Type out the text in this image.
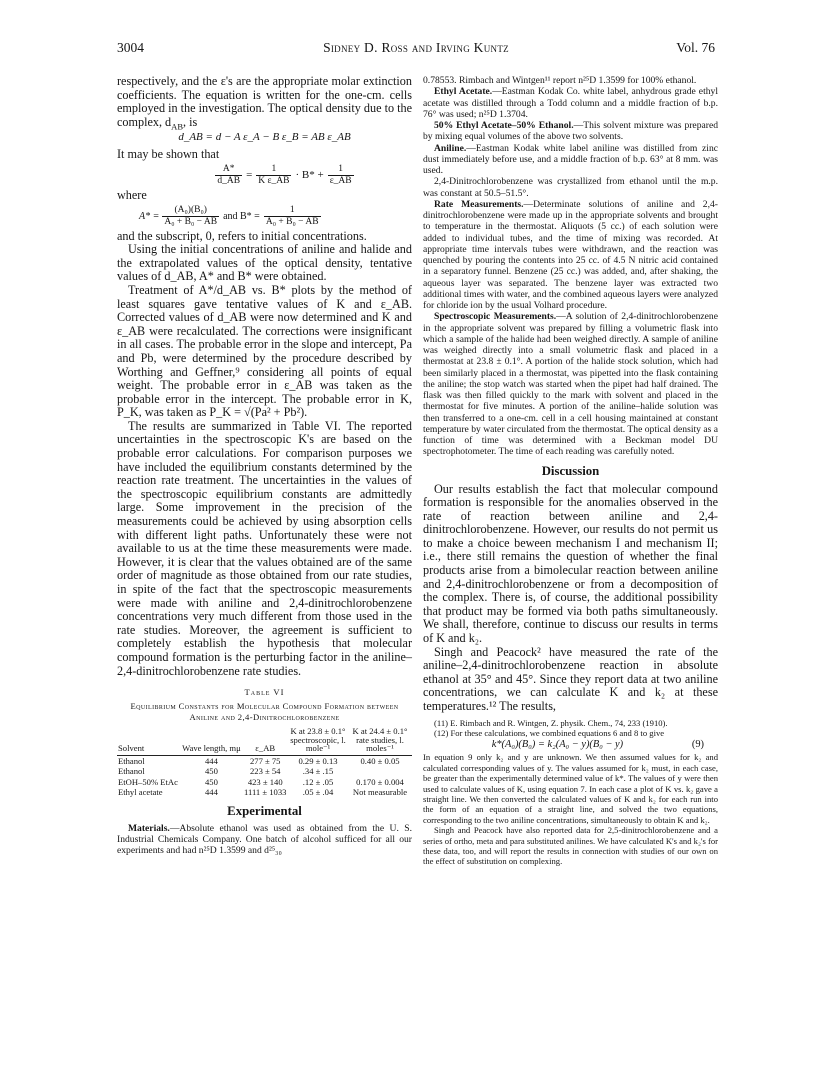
3004	Sidney D. Ross and Irving Kuntz	Vol. 76

respectively, and the ε's are the appropriate molar extinction coefficients. The equation is written for the one-cm. cells employed in the investigation. The optical density due to the complex, $d_{AB}$, is

d_AB = d − A ε_A − B ε_B = AB ε_AB

It may be shown that

$\frac{A*}{d\_AB} = \frac{1}{\text{K ε\_AB}} \cdot B* + \frac{1}{\varepsilon\_AB}$

where

$A* = \frac{\text{(A₀)(B₀)}}{\text{A₀ + B₀ − AB}}$ and $B* = \frac{1}{\text{A₀ + B₀ − AB}}$

and the subscript, 0, refers to initial concentrations.

Using the initial concentrations of aniline and halide and the extrapolated values of the optical density, tentative values of d_AB, A* and B* were obtained.

Treatment of A*/d_AB vs. B* plots by the method of least squares gave tentative values of K and ε_AB. Corrected values of d_AB were now determined and K and ε_AB were recalculated. The corrections were insignificant in all cases. The probable error in the slope and intercept, Pa and Pb, were determined by the procedure described by Worthing and Geffner,⁹ considering all points of equal weight. The probable error in ε_AB was taken as the probable error in the intercept. The probable error in K, P_K, was taken as P_K = √(Pa² + Pb²).

The results are summarized in Table VI. The reported uncertainties in the spectroscopic K's are based on the probable error calculations. For comparison purposes we have included the equilibrium constants determined by the reaction rate treatment. The uncertainties in the values of the spectroscopic equilibrium constants are admittedly large. Some improvement in the precision of the measurements could be achieved by using absorption cells with different light paths. Unfortunately these were not available to us at the time these measurements were made. However, it is clear that the values obtained are of the same order of magnitude as those obtained from our rate studies, in spite of the fact that the spectroscopic measurements were made with aniline and 2,4-dinitrochlorobenzene concentrations very much different from those used in the rate studies. Moreover, the agreement is sufficient to completely establish the hypothesis that molecular compound formation is the perturbing factor in the aniline–2,4-dinitrochlorobenzene rate studies.

Table VI
Equilibrium Constants for Molecular Compound Formation between Aniline and 2,4-Dinitrochlorobenzene
Solvent	Wave length, mμ	ε_AB	K at 23.8 ± 0.1° spectroscopic, l. mole⁻¹	K at 24.4 ± 0.1° rate studies, l. moles⁻¹
Ethanol	444	277 ± 75	0.29 ± 0.13	0.40 ± 0.05
Ethanol	450	223 ± 54	.34 ± .15	
EtOH–50% EtAc	450	423 ± 140	.12 ± .05	0.170 ± 0.004
Ethyl acetate	444	1111 ± 1033	.05 ± .04	Not measurable
Experimental

Materials.—Absolute ethanol was used as obtained from the U. S. Industrial Chemicals Company. One batch of alcohol sufficed for all our experiments and had n²⁵D 1.3599 and d²⁵₃₀

0.78553. Rimbach and Wintgen¹¹ report n²⁵D 1.3599 for 100% ethanol.

Ethyl Acetate.—Eastman Kodak Co. white label, anhydrous grade ethyl acetate was distilled through a Todd column and a middle fraction of b.p. 76° was used; n²⁵D 1.3704.

50% Ethyl Acetate–50% Ethanol.—This solvent mixture was prepared by mixing equal volumes of the above two solvents.

Aniline.—Eastman Kodak white label aniline was distilled from zinc dust immediately before use, and a middle fraction of b.p. 63° at 8 mm. was used.

2,4-Dinitrochlorobenzene was crystallized from ethanol until the m.p. was constant at 50.5–51.5°.

Rate Measurements.—Determinate solutions of aniline and 2,4-dinitrochlorobenzene were made up in the appropriate solvents and brought to temperature in the thermostat. Aliquots (5 cc.) of each solution were added to individual tubes, and the time of mixing was recorded. At appropriate time intervals tubes were withdrawn, and the reaction was quenched by pouring the contents into 25 cc. of 4.5 N nitric acid contained in a separatory funnel. Benzene (25 cc.) was added, and, after shaking, the aqueous layer was separated. The benzene layer was extracted two additional times with water, and the combined aqueous layers were analyzed for chloride ion by the usual Volhard procedure.

Spectroscopic Measurements.—A solution of 2,4-dinitrochlorobenzene in the appropriate solvent was prepared by filling a volumetric flask into which a sample of the halide had been weighed directly. A sample of aniline was weighed directly into a small volumetric flask and placed in a thermostat at 23.8 ± 0.1°. A portion of the halide stock solution, which had been similarly placed in a thermostat, was pipetted into the flask containing the aniline; the stop watch was started when the pipet had half drained. The flask was then filled quickly to the mark with solvent and placed in the thermostat for five minutes. A portion of the aniline–halide solution was then transferred to a one-cm. cell in a cell housing maintained at constant temperature by water circulated from the thermostat. The optical density as a function of time was determined with a Beckman model DU spectrophotometer. The time of each reading was carefully noted.

Discussion

Our results establish the fact that molecular compound formation is responsible for the anomalies observed in the rate of reaction between aniline and 2,4-dinitrochlorobenzene. However, our results do not permit us to make a choice beween mechanism I and mechanism II; i.e., there still remains the question of whether the final products arise from a bimolecular reaction between aniline and 2,4-dinitrochlorobenzene or from a decomposition of the complex. There is, of course, the additional possibility that product may be formed via both paths simultaneously. We shall, therefore, continue to discuss our results in terms of K and k₂.

Singh and Peacock² have measured the rate of the aniline–2,4-dinitrochlorobenzene reaction in absolute ethanol at 35° and 45°. Since they report data at two aniline concentrations, we can calculate K and k₂ at these temperatures.¹² The results,

(11) E. Rimbach and R. Wintgen, Z. physik. Chem., 74, 233 (1910).

(12) For these calculations, we combined equations 6 and 8 to give

k*(A₀)(B₀) = k₂(A₀ − y)(B₀ − y)	(9)

In equation 9 only k₂ and y are unknown. We then assumed values for k₂ and calculated corresponding values of y. The values assumed for k₂ must, in each case, be greater than the experimentally determined value of k*. The values of y were then used to calculate values of K, using equation 7. In each case a plot of K vs. k₂ gave a straight line. We then converted the calculated values of K and k₂ for each run into the form of an equation of a straight line, and solved the two equations, corresponding to the two aniline concentrations, simultaneously to obtain K and k₂.

Singh and Peacock have also reported data for 2,5-dinitrochlorobenzene and a series of ortho, meta and para substituted anilines. We have calculated K's and k₂'s for these data, too, and will report the results in connection with studies of our own on the effect of substitution on complexing.
